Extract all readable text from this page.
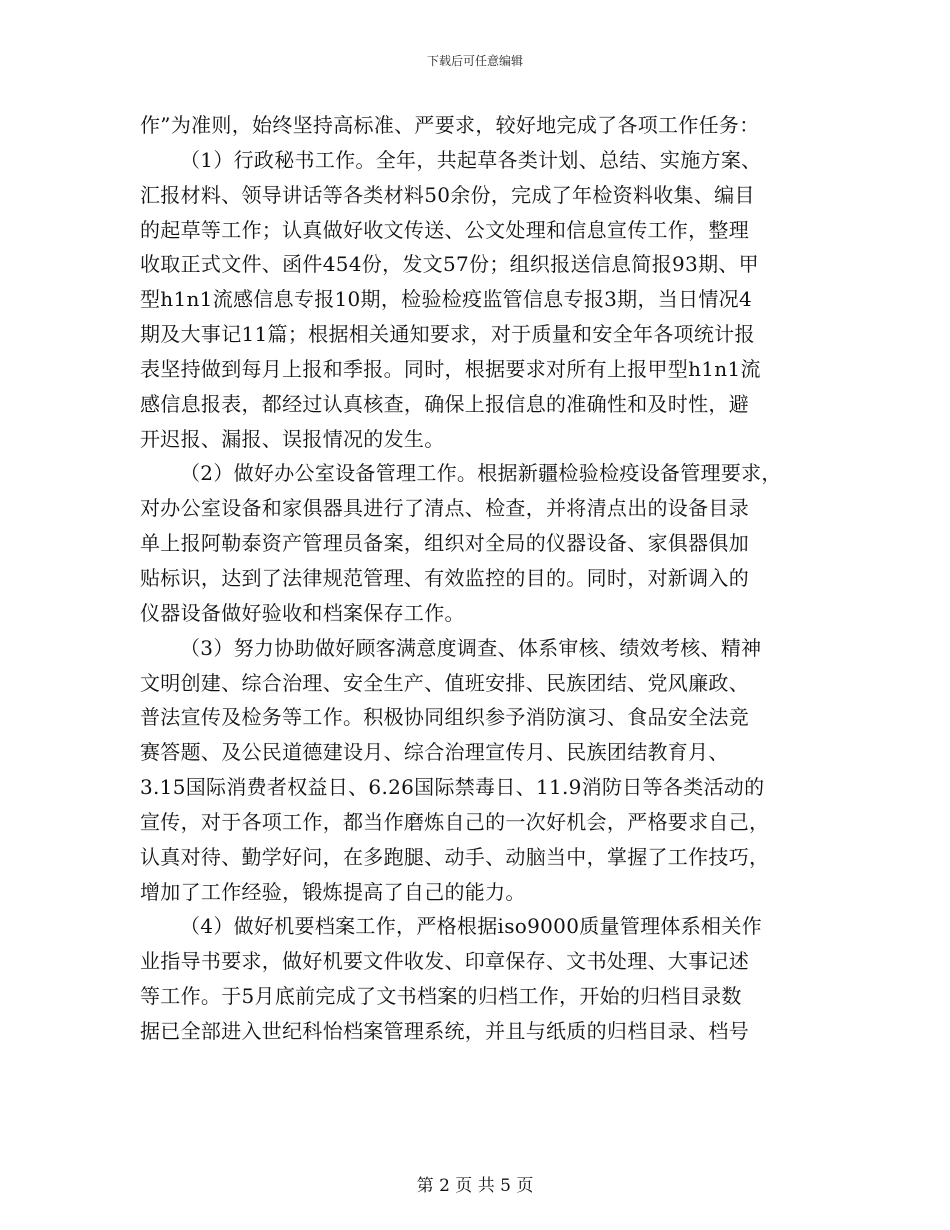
下载后可任意编辑
作”为准则，始终坚持高标准、严要求，较好地完成了各项工作任务：
（1）行政秘书工作。全年，共起草各类计划、总结、实施方案、
汇报材料、领导讲话等各类材料50余份，完成了年检资料收集、编目
的起草等工作；认真做好收文传送、公文处理和信息宣传工作，整理
收取正式文件、函件454份，发文57份；组织报送信息简报93期、甲
型h1n1流感信息专报10期，检验检疫监管信息专报3期，当日情况4
期及大事记11篇；根据相关通知要求，对于质量和安全年各项统计报
表坚持做到每月上报和季报。同时，根据要求对所有上报甲型h1n1流
感信息报表，都经过认真核查，确保上报信息的准确性和及时性，避
开迟报、漏报、误报情况的发生。
（2）做好办公室设备管理工作。根据新疆检验检疫设备管理要求，
对办公室设备和家俱器具进行了清点、检查，并将清点出的设备目录
单上报阿勒泰资产管理员备案，组织对全局的仪器设备、家俱器俱加
贴标识，达到了法律规范管理、有效监控的目的。同时，对新调入的
仪器设备做好验收和档案保存工作。
（3）努力协助做好顾客满意度调查、体系审核、绩效考核、精神
文明创建、综合治理、安全生产、值班安排、民族团结、党风廉政、
普法宣传及检务等工作。积极协同组织参予消防演习、食品安全法竞
赛答题、及公民道德建设月、综合治理宣传月、民族团结教育月、
3.15国际消费者权益日、6.26国际禁毒日、11.9消防日等各类活动的
宣传，对于各项工作，都当作磨炼自己的一次好机会，严格要求自己，
认真对待、勤学好问，在多跑腿、动手、动脑当中，掌握了工作技巧，
增加了工作经验，锻炼提高了自己的能力。
（4）做好机要档案工作，严格根据iso9000质量管理体系相关作
业指导书要求，做好机要文件收发、印章保存、文书处理、大事记述
等工作。于5月底前完成了文书档案的归档工作，开始的归档目录数
据已全部进入世纪科怡档案管理系统，并且与纸质的归档目录、档号
第 2 页 共 5 页
